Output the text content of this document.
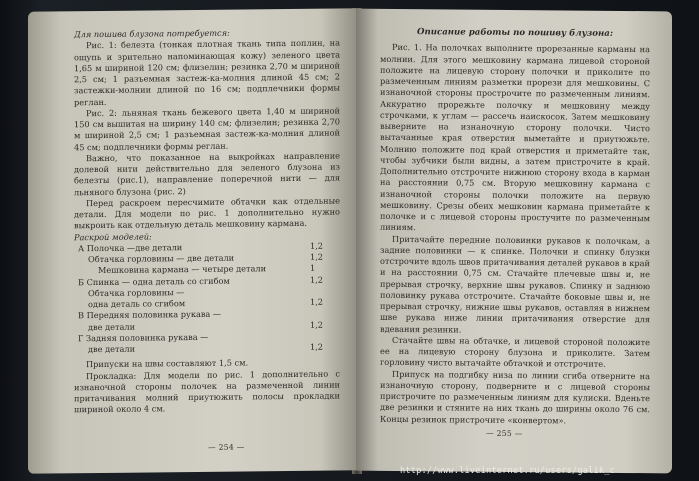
Для пошива блузона потребуется:

Рис. 1: белезта (тонкая плотная ткань типа поплин, на ощупь и зрительно напоминающая кожу) зеленого цвета 1,65 м шириной 120 см; флизелин; резинка 2,70 м шириной 2,5 см; 1 разъемная застеж-ка-молния длиной 45 см; 2 застежки-молнии длиной по 16 см; подплечники формы реглан.

Рис. 2: льняная ткань бежевого цвета 1,40 м шириной 150 см вышитая на ширину 140 см; флизелин; резинка 2,70 м шириной 2,5 см; 1 разъемная застеж-ка-молния длиной 45 см; подплечники формы реглан.

Важно, что показанное на выкройках направление долевой нити действительно для зеленого блузона из белезты (рис.1), направление поперечной нити — для льняного блузона (рис. 2)

Перед раскроем пересчимите обтачки как отдельные детали. Для модели по рис. 1 дополнительно нужно выкроить как отдельную деталь мешковину кармана.

Раскрой моделей:

А Полочка —две детали	1,2
Обтачка горловины — две детали	1,2
Мешковина кармана — четыре детали	1
Б Спинка — одна деталь со сгибом	1,2
Обтачка горловины —
одна деталь со сгибом	1,2
В Передняя половинка рукава —
две детали	1,2
Г Задняя половинка рукава —
две детали	1,2

Припуски на швы составляют 1,5 см.

Прокладка: Для модели по рис. 1 дополнительно с изнаночной стороны полочек на размеченной линии притачивания молний приутюжить полосы прокладки шириной около 4 см.

— 254 —

Описание работы по пошиву блузона:

Рис. 1. На полочках выполните прорезанные карманы на молнии. Для этого мешковину кармана лицевой стороной положите на лицевую сторону полочки и приколите по размеченным линиям разметки прорези для мешковины. С изнаночной стороны прострочите по размеченным линиям. Аккуратно прорежьте полочку и мешковину между строчками, к углам — рассечь наискосок. Затем мешковину выверните на изнаночную сторону полочки. Чисто вытачанные края отверстия выметайте и приутюжьте. Молнию положите под край отверстия и приметайте так, чтобы зубчики были видны, а затем пристрочите в край. Дополнительно отстрочите нижнюю сторону входа в карман на расстоянии 0,75 см. Вторую мешковину кармана с изнаночной стороны полочки положите на первую мешковину. Срезы обеих мешковин кармана приметайте к полочке и с лицевой стороны простучите по размеченным линиям.

Притачайте передние половинки рукавов к полочкам, а задние половинки — к спинке. Полочки и спинку блузки отстрочите вдоль швов притачивания деталей рукавов в край и на расстоянии 0,75 см. Стачайте плечевые швы и, не прерывая строчку, верхние швы рукавов. Спинку и заднюю половинку рукава отстрочите. Стачайте боковые швы и, не прерывая строчку, нижние швы рукавов, оставляя в нижнем шве рукава ниже линии притачивания отверстие для вдевания резинки.

Стачайте швы на обтачке, и лицевой стороной положите ее на лицевую сторону блузона и приколите. Затем горловину чисто вытачайте обтачкой и отстрочите.

Припуск на подгибку низа по линии сгиба отверните на изнаночную сторону, подверните и с лицевой стороны пристрочите по размеченным линиям для кулиски. Вденьте две резинки и стяните на них ткань до ширины около 76 см. Концы резинок пристрочите «конвертом».

— 255 —
http://www.liveinternet.ru/users/galik_c
